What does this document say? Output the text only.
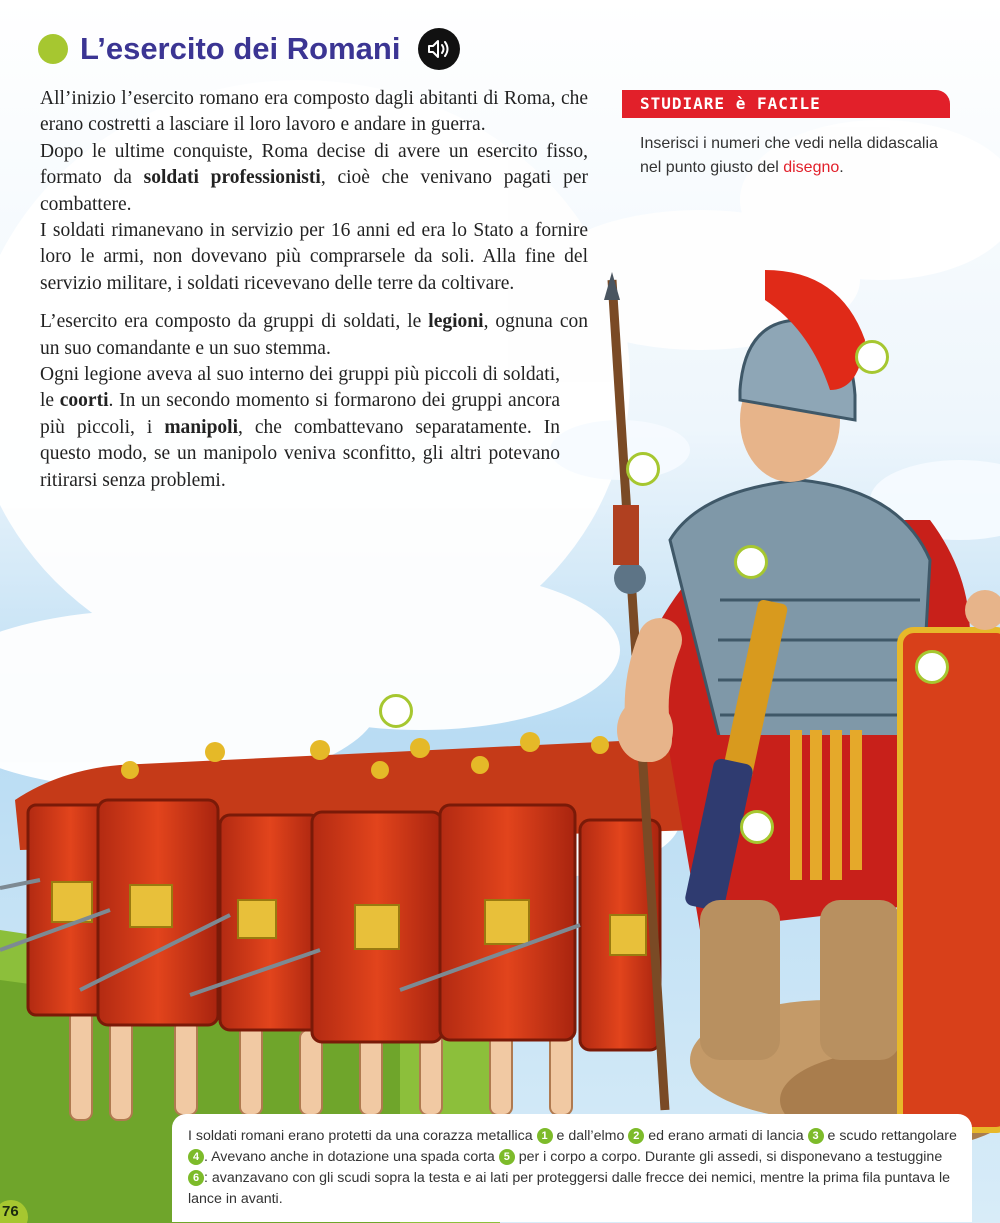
L’esercito dei Romani

All’inizio l’esercito romano era composto dagli abitanti di Roma, che erano costretti a lasciare il loro lavoro e andare in guerra.

Dopo le ultime conquiste, Roma decise di avere un esercito fisso, formato da soldati professionisti, cioè che venivano pagati per combattere.

I soldati rimanevano in servizio per 16 anni ed era lo Stato a fornire loro le armi, non dovevano più comprarsele da soli. Alla fine del servizio militare, i soldati ricevevano delle terre da coltivare.

L’esercito era composto da gruppi di soldati, le legioni, ognuna con un suo comandante e un suo stemma.

Ogni legione aveva al suo interno dei gruppi più piccoli di soldati, le coorti. In un secondo momento si formarono dei gruppi ancora più piccoli, i manipoli, che combattevano separatamente. In questo modo, se un manipolo veniva sconfitto, gli altri potevano ritirarsi senza problemi.

STUDIARE è FACILE
Inserisci i numeri che vedi nella didascalia nel punto giusto del disegno.
I soldati romani erano protetti da una corazza metallica 1 e dall’elmo 2 ed erano armati di lancia 3 e scudo rettangolare 4 . Avevano anche in dotazione una spada corta 5 per i corpo a corpo. Durante gli assedi, si disponevano a testuggine 6 : avanzavano con gli scudi sopra la testa e ai lati per proteggersi dalle frecce dei nemici, mentre la prima fila puntava le lance in avanti.
76
